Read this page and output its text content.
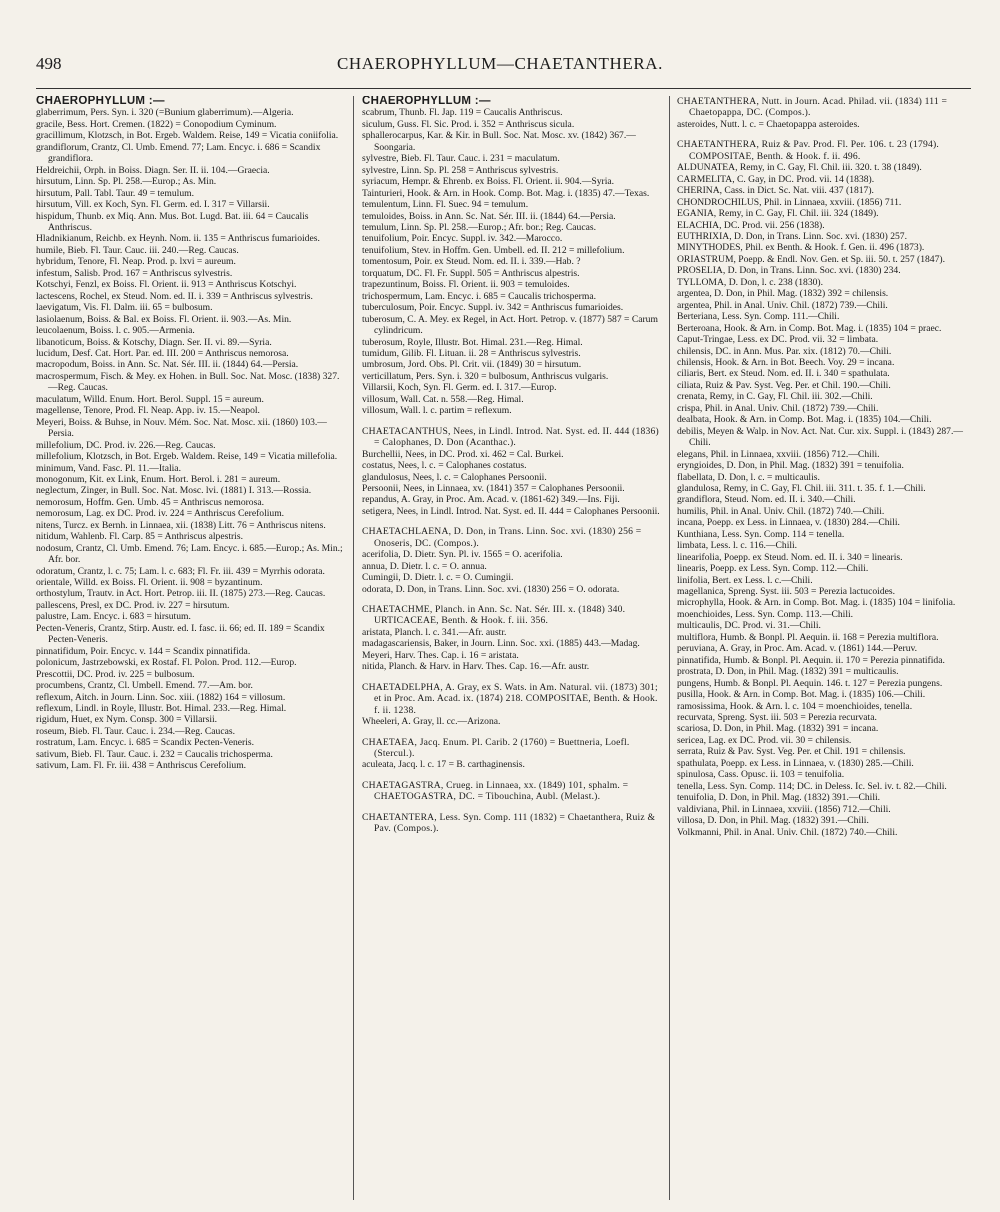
498	CHAEROPHYLLUM—CHAETANTHERA.

CHAEROPHYLLUM :—

glaberrimum, Pers. Syn. i. 320 (=Bunium glaberrimum).—Algeria.

gracile, Bess. Hort. Cremen. (1822) = Conopodium Cyminum.

gracillimum, Klotzsch, in Bot. Ergeb. Waldem. Reise, 149 = Vicatia coniifolia.

grandiflorum, Crantz, Cl. Umb. Emend. 77; Lam. Encyc. i. 686 = Scandix grandiflora.

Heldreichii, Orph. in Boiss. Diagn. Ser. II. ii. 104.—Graecia.

hirsutum, Linn. Sp. Pl. 258.—Europ.; As. Min.

hirsutum, Pall. Tabl. Taur. 49 = temulum.

hirsutum, Vill. ex Koch, Syn. Fl. Germ. ed. I. 317 = Villarsii.

hispidum, Thunb. ex Miq. Ann. Mus. Bot. Lugd. Bat. iii. 64 = Caucalis Anthriscus.

Hladnikianum, Reichb. ex Heynh. Nom. ii. 135 = Anthriscus fumarioides.

humile, Bieb. Fl. Taur. Cauc. iii. 240.—Reg. Caucas.

hybridum, Tenore, Fl. Neap. Prod. p. lxvi = aureum.

infestum, Salisb. Prod. 167 = Anthriscus sylvestris.

Kotschyi, Fenzl, ex Boiss. Fl. Orient. ii. 913 = Anthriscus Kotschyi.

lactescens, Rochel, ex Steud. Nom. ed. II. i. 339 = Anthriscus sylvestris.

laevigatum, Vis. Fl. Dalm. iii. 65 = bulbosum.

lasiolaenum, Boiss. & Bal. ex Boiss. Fl. Orient. ii. 903.—As. Min.

leucolaenum, Boiss. l. c. 905.—Armenia.

libanoticum, Boiss. & Kotschy, Diagn. Ser. II. vi. 89.—Syria.

lucidum, Desf. Cat. Hort. Par. ed. III. 200 = Anthriscus nemorosa.

macropodum, Boiss. in Ann. Sc. Nat. Sér. III. ii. (1844) 64.—Persia.

macrospermum, Fisch. & Mey. ex Hohen. in Bull. Soc. Nat. Mosc. (1838) 327.—Reg. Caucas.

maculatum, Willd. Enum. Hort. Berol. Suppl. 15 = aureum.

magellense, Tenore, Prod. Fl. Neap. App. iv. 15.—Neapol.

Meyeri, Boiss. & Buhse, in Nouv. Mém. Soc. Nat. Mosc. xii. (1860) 103.—Persia.

millefolium, DC. Prod. iv. 226.—Reg. Caucas.

millefolium, Klotzsch, in Bot. Ergeb. Waldem. Reise, 149 = Vicatia millefolia.

minimum, Vand. Fasc. Pl. 11.—Italia.

monogonum, Kit. ex Link, Enum. Hort. Berol. i. 281 = aureum.

neglectum, Zinger, in Bull. Soc. Nat. Mosc. lvi. (1881) I. 313.—Rossia.

nemorosum, Hoffm. Gen. Umb. 45 = Anthriscus nemorosa.

nemorosum, Lag. ex DC. Prod. iv. 224 = Anthriscus Cerefolium.

nitens, Turcz. ex Bernh. in Linnaea, xii. (1838) Litt. 76 = Anthriscus nitens.

nitidum, Wahlenb. Fl. Carp. 85 = Anthriscus alpestris.

nodosum, Crantz, Cl. Umb. Emend. 76; Lam. Encyc. i. 685.—Europ.; As. Min.; Afr. bor.

odoratum, Crantz, l. c. 75; Lam. l. c. 683; Fl. Fr. iii. 439 = Myrrhis odorata.

orientale, Willd. ex Boiss. Fl. Orient. ii. 908 = byzantinum.

orthostylum, Trautv. in Act. Hort. Petrop. iii. II. (1875) 273.—Reg. Caucas.

pallescens, Presl, ex DC. Prod. iv. 227 = hirsutum.

palustre, Lam. Encyc. i. 683 = hirsutum.

Pecten-Veneris, Crantz, Stirp. Austr. ed. I. fasc. ii. 66; ed. II. 189 = Scandix Pecten-Veneris.

pinnatifidum, Poir. Encyc. v. 144 = Scandix pinnatifida.

polonicum, Jastrzebowski, ex Rostaf. Fl. Polon. Prod. 112.—Europ.

Prescottii, DC. Prod. iv. 225 = bulbosum.

procumbens, Crantz, Cl. Umbell. Emend. 77.—Am. bor.

reflexum, Aitch. in Journ. Linn. Soc. xiii. (1882) 164 = villosum.

reflexum, Lindl. in Royle, Illustr. Bot. Himal. 233.—Reg. Himal.

rigidum, Huet, ex Nym. Consp. 300 = Villarsii.

roseum, Bieb. Fl. Taur. Cauc. i. 234.—Reg. Caucas.

rostratum, Lam. Encyc. i. 685 = Scandix Pecten-Veneris.

sativum, Bieb. Fl. Taur. Cauc. i. 232 = Caucalis trichosperma.

sativum, Lam. Fl. Fr. iii. 438 = Anthriscus Cerefolium.

CHAEROPHYLLUM :—

scabrum, Thunb. Fl. Jap. 119 = Caucalis Anthriscus.

siculum, Guss. Fl. Sic. Prod. i. 352 = Anthriscus sicula.

sphallerocarpus, Kar. & Kir. in Bull. Soc. Nat. Mosc. xv. (1842) 367.—Soongaria.

sylvestre, Bieb. Fl. Taur. Cauc. i. 231 = maculatum.

sylvestre, Linn. Sp. Pl. 258 = Anthriscus sylvestris.

syriacum, Hempr. & Ehrenb. ex Boiss. Fl. Orient. ii. 904.—Syria.

Tainturieri, Hook. & Arn. in Hook. Comp. Bot. Mag. i. (1835) 47.—Texas.

temulentum, Linn. Fl. Suec. 94 = temulum.

temuloides, Boiss. in Ann. Sc. Nat. Sér. III. ii. (1844) 64.—Persia.

temulum, Linn. Sp. Pl. 258.—Europ.; Afr. bor.; Reg. Caucas.

tenuifolium, Poir. Encyc. Suppl. iv. 342.—Marocco.

tenuifolium, Stev. in Hoffm. Gen. Umbell. ed. II. 212 = millefolium.

tomentosum, Poir. ex Steud. Nom. ed. II. i. 339.—Hab. ?

torquatum, DC. Fl. Fr. Suppl. 505 = Anthriscus alpestris.

trapezuntinum, Boiss. Fl. Orient. ii. 903 = temuloides.

trichospermum, Lam. Encyc. i. 685 = Caucalis trichosperma.

tuberculosum, Poir. Encyc. Suppl. iv. 342 = Anthriscus fumarioides.

tuberosum, C. A. Mey. ex Regel, in Act. Hort. Petrop. v. (1877) 587 = Carum cylindricum.

tuberosum, Royle, Illustr. Bot. Himal. 231.—Reg. Himal.

tumidum, Gilib. Fl. Lituan. ii. 28 = Anthriscus sylvestris.

umbrosum, Jord. Obs. Pl. Crit. vii. (1849) 30 = hirsutum.

verticillatum, Pers. Syn. i. 320 = bulbosum, Anthriscus vulgaris.

Villarsii, Koch, Syn. Fl. Germ. ed. I. 317.—Europ.

villosum, Wall. Cat. n. 558.—Reg. Himal.

villosum, Wall. l. c. partim = reflexum.

CHAETACANTHUS, Nees, in Lindl. Introd. Nat. Syst. ed. II. 444 (1836) = Calophanes, D. Don (Acanthac.).

Burchellii, Nees, in DC. Prod. xi. 462 = Cal. Burkei.

costatus, Nees, l. c. = Calophanes costatus.

glandulosus, Nees, l. c. = Calophanes Persoonii.

Persoonii, Nees, in Linnaea, xv. (1841) 357 = Calophanes Persoonii.

repandus, A. Gray, in Proc. Am. Acad. v. (1861-62) 349.—Ins. Fiji.

setigera, Nees, in Lindl. Introd. Nat. Syst. ed. II. 444 = Calophanes Persoonii.

CHAETACHLAENA, D. Don, in Trans. Linn. Soc. xvi. (1830) 256 = Onoseris, DC. (Compos.).

acerifolia, D. Dietr. Syn. Pl. iv. 1565 = O. acerifolia.

annua, D. Dietr. l. c. = O. annua.

Cumingii, D. Dietr. l. c. = O. Cumingii.

odorata, D. Don, in Trans. Linn. Soc. xvi. (1830) 256 = O. odorata.

CHAETACHME, Planch. in Ann. Sc. Nat. Sér. III. x. (1848) 340. URTICACEAE, Benth. & Hook. f. iii. 356.

aristata, Planch. l. c. 341.—Afr. austr.

madagascariensis, Baker, in Journ. Linn. Soc. xxi. (1885) 443.—Madag.

Meyeri, Harv. Thes. Cap. i. 16 = aristata.

nitida, Planch. & Harv. in Harv. Thes. Cap. 16.—Afr. austr.

CHAETADELPHA, A. Gray, ex S. Wats. in Am. Natural. vii. (1873) 301; et in Proc. Am. Acad. ix. (1874) 218. COMPOSITAE, Benth. & Hook. f. ii. 1238.

Wheeleri, A. Gray, ll. cc.—Arizona.

CHAETAEA, Jacq. Enum. Pl. Carib. 2 (1760) = Buettneria, Loefl. (Stercul.).

aculeata, Jacq. l. c. 17 = B. carthaginensis.

CHAETAGASTRA, Crueg. in Linnaea, xx. (1849) 101, sphalm. = CHAETOGASTRA, DC. = Tibouchina, Aubl. (Melast.).

CHAETANTERA, Less. Syn. Comp. 111 (1832) = Chaetanthera, Ruiz & Pav. (Compos.).

CHAETANTHERA, Nutt. in Journ. Acad. Philad. vii. (1834) 111 = Chaetopappa, DC. (Compos.).

asteroides, Nutt. l. c. = Chaetopappa asteroides.

CHAETANTHERA, Ruiz & Pav. Prod. Fl. Per. 106. t. 23 (1794). COMPOSITAE, Benth. & Hook. f. ii. 496.

ALDUNATEA, Remy, in C. Gay, Fl. Chil. iii. 320. t. 38 (1849).

CARMELITA, C. Gay, in DC. Prod. vii. 14 (1838).

CHERINA, Cass. in Dict. Sc. Nat. viii. 437 (1817).

CHONDROCHILUS, Phil. in Linnaea, xxviii. (1856) 711.

EGANIA, Remy, in C. Gay, Fl. Chil. iii. 324 (1849).

ELACHIA, DC. Prod. vii. 256 (1838).

EUTHRIXIA, D. Don, in Trans. Linn. Soc. xvi. (1830) 257.

MINYTHODES, Phil. ex Benth. & Hook. f. Gen. ii. 496 (1873).

ORIASTRUM, Poepp. & Endl. Nov. Gen. et Sp. iii. 50. t. 257 (1847).

PROSELIA, D. Don, in Trans. Linn. Soc. xvi. (1830) 234.

TYLLOMA, D. Don, l. c. 238 (1830).

argentea, D. Don, in Phil. Mag. (1832) 392 = chilensis.

argentea, Phil. in Anal. Univ. Chil. (1872) 739.—Chili.

Berteriana, Less. Syn. Comp. 111.—Chili.

Berteroana, Hook. & Arn. in Comp. Bot. Mag. i. (1835) 104 = praec.

Caput-Tringae, Less. ex DC. Prod. vii. 32 = limbata.

chilensis, DC. in Ann. Mus. Par. xix. (1812) 70.—Chili.

chilensis, Hook. & Arn. in Bot. Beech. Voy. 29 = incana.

ciliaris, Bert. ex Steud. Nom. ed. II. i. 340 = spathulata.

ciliata, Ruiz & Pav. Syst. Veg. Per. et Chil. 190.—Chili.

crenata, Remy, in C. Gay, Fl. Chil. iii. 302.—Chili.

crispa, Phil. in Anal. Univ. Chil. (1872) 739.—Chili.

dealbata, Hook. & Arn. in Comp. Bot. Mag. i. (1835) 104.—Chili.

debilis, Meyen & Walp. in Nov. Act. Nat. Cur. xix. Suppl. i. (1843) 287.—Chili.

elegans, Phil. in Linnaea, xxviii. (1856) 712.—Chili.

eryngioides, D. Don, in Phil. Mag. (1832) 391 = tenuifolia.

flabellata, D. Don, l. c. = multicaulis.

glandulosa, Remy, in C. Gay, Fl. Chil. iii. 311. t. 35. f. 1.—Chili.

grandiflora, Steud. Nom. ed. II. i. 340.—Chili.

humilis, Phil. in Anal. Univ. Chil. (1872) 740.—Chili.

incana, Poepp. ex Less. in Linnaea, v. (1830) 284.—Chili.

Kunthiana, Less. Syn. Comp. 114 = tenella.

limbata, Less. l. c. 116.—Chili.

linearifolia, Poepp. ex Steud. Nom. ed. II. i. 340 = linearis.

linearis, Poepp. ex Less. Syn. Comp. 112.—Chili.

linifolia, Bert. ex Less. l. c.—Chili.

magellanica, Spreng. Syst. iii. 503 = Perezia lactucoides.

microphylla, Hook. & Arn. in Comp. Bot. Mag. i. (1835) 104 = linifolia.

moenchioides, Less. Syn. Comp. 113.—Chili.

multicaulis, DC. Prod. vi. 31.—Chili.

multiflora, Humb. & Bonpl. Pl. Aequin. ii. 168 = Perezia multiflora.

peruviana, A. Gray, in Proc. Am. Acad. v. (1861) 144.—Peruv.

pinnatifida, Humb. & Bonpl. Pl. Aequin. ii. 170 = Perezia pinnatifida.

prostrata, D. Don, in Phil. Mag. (1832) 391 = multicaulis.

pungens, Humb. & Bonpl. Pl. Aequin. 146. t. 127 = Perezia pungens.

pusilla, Hook. & Arn. in Comp. Bot. Mag. i. (1835) 106.—Chili.

ramosissima, Hook. & Arn. l. c. 104 = moenchioides, tenella.

recurvata, Spreng. Syst. iii. 503 = Perezia recurvata.

scariosa, D. Don, in Phil. Mag. (1832) 391 = incana.

sericea, Lag. ex DC. Prod. vii. 30 = chilensis.

serrata, Ruiz & Pav. Syst. Veg. Per. et Chil. 191 = chilensis.

spathulata, Poepp. ex Less. in Linnaea, v. (1830) 285.—Chili.

spinulosa, Cass. Opusc. ii. 103 = tenuifolia.

tenella, Less. Syn. Comp. 114; DC. in Deless. Ic. Sel. iv. t. 82.—Chili.

tenuifolia, D. Don, in Phil. Mag. (1832) 391.—Chili.

valdiviana, Phil. in Linnaea, xxviii. (1856) 712.—Chili.

villosa, D. Don, in Phil. Mag. (1832) 391.—Chili.

Volkmanni, Phil. in Anal. Univ. Chil. (1872) 740.—Chili.
